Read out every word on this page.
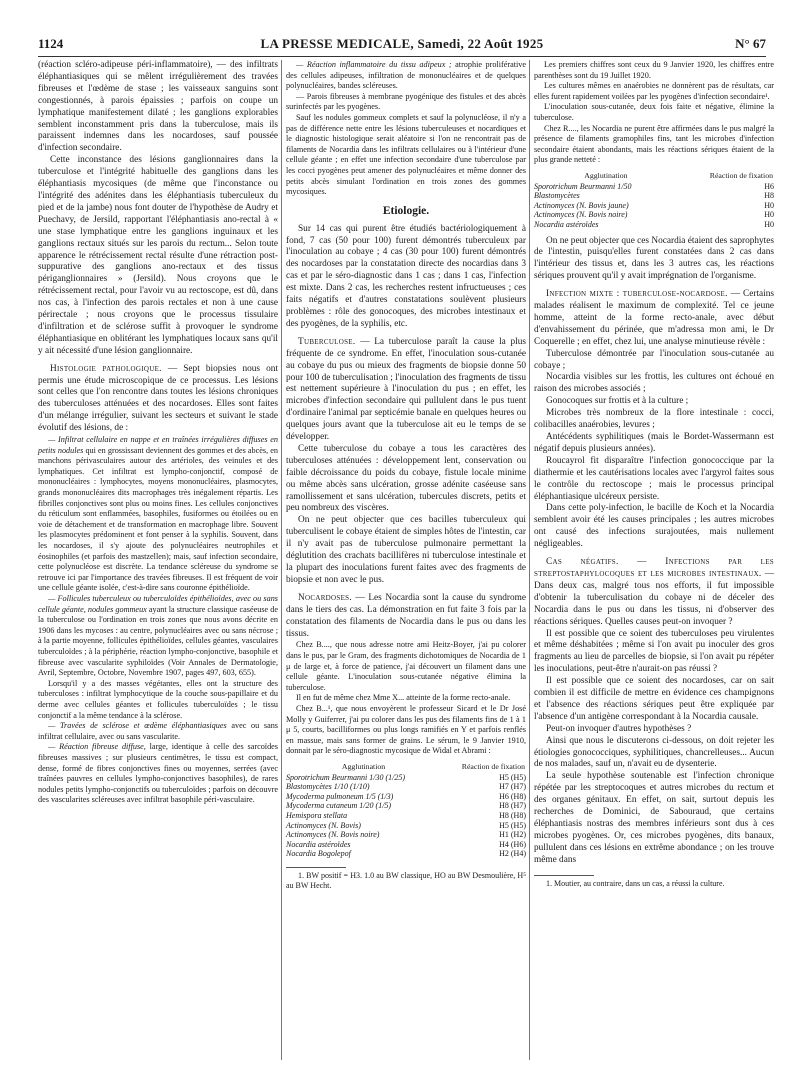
1124	LA PRESSE MEDICALE, Samedi, 22 Août 1925	N° 67

(réaction scléro-adipeuse péri-inflammatoire), — des infiltrats éléphantiasiques qui se mêlent irrégulièrement des travées fibreuses et l'œdème de stase ; les vaisseaux sanguins sont congestionnés, à parois épaissies ; parfois on coupe un lymphatique manifestement dilaté ; les ganglions explorables semblent inconstamment pris dans la tuberculose, mais ils paraissent indemnes dans les nocardoses, sauf poussée d'infection secondaire.

Cette inconstance des lésions ganglionnaires dans la tuberculose et l'intégrité habituelle des ganglions dans les éléphantiasis mycosiques (de même que l'inconstance ou l'intégrité des adénites dans les éléphantiasis tuberculeux du pied et de la jambe) nous font douter de l'hypothèse de Audry et Puechavy, de Jersild, rapportant l'éléphantiasis ano-rectal à « une stase lymphatique entre les ganglions inguinaux et les ganglions rectaux situés sur les parois du rectum... Selon toute apparence le rétrécissement rectal résulte d'une rétraction post-suppurative des ganglions ano-rectaux et des tissus périganglionnaires » (Jersild). Nous croyons que le rétrécissement rectal, pour l'avoir vu au rectoscope, est dû, dans nos cas, à l'infection des parois rectales et non à une cause périrectale ; nous croyons que le processus tissulaire d'infiltration et de sclérose suffit à provoquer le syndrome éléphantiasique en oblitérant les lymphatiques locaux sans qu'il y ait nécessité d'une lésion ganglionnaire.

Histologie pathologique. — Sept biopsies nous ont permis une étude microscopique de ce processus. Les lésions sont celles que l'on rencontre dans toutes les lésions chroniques des tuberculoses atténuées et des nocardoses. Elles sont faites d'un mélange irrégulier, suivant les secteurs et suivant le stade évolutif des lésions, de :

— Infiltrat cellulaire en nappe et en traînées irrégulières diffuses en petits nodules qui en grossissant deviennent des gommes et des abcès, en manchons périvasculaires autour des artérioles, des veinules et des lymphatiques. Cet infiltrat est lympho-conjonctif, composé de mononucléaires : lymphocytes, moyens mononucléaires, plasmocytes, grands mononucléaires dits macrophages très inégalement répartis. Les fibrilles conjonctives sont plus ou moins fines. Les cellules conjonctives du réticulum sont enflammées, basophiles, fusiformes ou étoilées ou en voie de détachement et de transformation en macrophage libre. Souvent les plasmocytes prédominent et font penser à la syphilis. Souvent, dans les nocardoses, il s'y ajoute des polynucléaires neutrophiles et éosinophiles (et parfois des mastzellen); mais, sauf infection secondaire, cette polynucléose est discrète. La tendance scléreuse du syndrome se retrouve ici par l'importance des travées fibreuses. Il est fréquent de voir une cellule géante isolée, c'est-à-dire sans couronne épithélioïde.

— Follicules tuberculeux ou tuberculoïdes épithélioïdes, avec ou sans cellule géante, nodules gommeux ayant la structure classique caséeuse de la tuberculose ou l'ordination en trois zones que nous avons décrite en 1906 dans les mycoses : au centre, polynucléaires avec ou sans nécrose ; à la partie moyenne, follicules épithélioïdes, cellules géantes, vasculaires tuberculoïdes ; à la périphérie, réaction lympho-conjonctive, basophile et fibreuse avec vascularite syphiloïdes (Voir Annales de Dermatologie, Avril, Septembre, Octobre, Novembre 1907, pages 497, 603, 655).

Lorsqu'il y a des masses végétantes, elles ont la structure des tuberculoses : infiltrat lymphocytique de la couche sous-papillaire et du derme avec cellules géantes et follicules tuberculoïdes ; le tissu conjonctif a la même tendance à la sclérose.

— Travées de sclérose et œdème éléphantiasiques avec ou sans infiltrat cellulaire, avec ou sans vascularite.

— Réaction fibreuse diffuse, large, identique à celle des sarcoïdes fibreuses massives ; sur plusieurs centimètres, le tissu est compact, dense, formé de fibres conjonctives fines ou moyennes, serrées (avec traînées pauvres en cellules lympho-conjonctives basophiles), de rares nodules petits lympho-conjonctifs ou tuberculoïdes ; parfois on découvre des vascularites scléreuses avec infiltrat basophile péri-vasculaire.

— Réaction inflammatoire du tissu adipeux ; atrophie proliférative des cellules adipeuses, infiltration de mononucléaires et de quelques polynucléaires, bandes scléreuses.

— Parois fibreuses à membrane pyogénique des fistules et des abcès surinfectés par les pyogènes.

Sauf les nodules gommeux complets et sauf la polynucléose, il n'y a pas de différence nette entre les lésions tuberculeuses et nocardiques et le diagnostic histologique serait aléatoire si l'on ne rencontrait pas de filaments de Nocardia dans les infiltrats cellulaires ou à l'intérieur d'une cellule géante ; en effet une infection secondaire d'une tuberculose par les cocci pyogènes peut amener des polynucléaires et même donner des petits abcès simulant l'ordination en trois zones des gommes mycosiques.

Etiologie.

Sur 14 cas qui purent être étudiés bactériologiquement à fond, 7 cas (50 pour 100) furent démontrés tuberculeux par l'inoculation au cobaye ; 4 cas (30 pour 100) furent démontrés des nocardoses par la constatation directe des nocardias dans 3 cas et par le séro-diagnostic dans 1 cas ; dans 1 cas, l'infection est mixte. Dans 2 cas, les recherches restent infructueuses ; ces faits négatifs et d'autres constatations soulèvent plusieurs problèmes : rôle des gonocoques, des microbes intestinaux et des pyogènes, de la syphilis, etc.

Tuberculose. — La tuberculose paraît la cause la plus fréquente de ce syndrome. En effet, l'inoculation sous-cutanée au cobaye du pus ou mieux des fragments de biopsie donne 50 pour 100 de tuberculisation ; l'inoculation des fragments de tissu est nettement supérieure à l'inoculation du pus ; en effet, les microbes d'infection secondaire qui pullulent dans le pus tuent d'ordinaire l'animal par septicémie banale en quelques heures ou quelques jours avant que la tuberculose ait eu le temps de se développer.

Cette tuberculose du cobaye a tous les caractères des tuberculoses atténuées : développement lent, conservation ou faible décroissance du poids du cobaye, fistule locale minime ou même abcès sans ulcération, grosse adénite caséeuse sans ramollissement et sans ulcération, tubercules discrets, petits et peu nombreux des viscères.

On ne peut objecter que ces bacilles tuberculeux qui tuberculisent le cobaye étaient de simples hôtes de l'intestin, car il n'y avait pas de tuberculose pulmonaire permettant la déglutition des crachats bacillifères ni tuberculose intestinale et la plupart des inoculations furent faites avec des fragments de biopsie et non avec le pus.

Nocardoses. — Les Nocardia sont la cause du syndrome dans le tiers des cas. La démonstration en fut faite 3 fois par la constatation des filaments de Nocardia dans le pus ou dans les tissus.

Chez B...., que nous adresse notre ami Heitz-Boyer, j'ai pu colorer dans le pus, par le Gram, des fragments dichotomiques de Nocardia de 1 μ de large et, à force de patience, j'ai découvert un filament dans une cellule géante. L'inoculation sous-cutanée négative élimina la tuberculose.

Il en fut de même chez Mme X... atteinte de la forme recto-anale.

Chez B...¹, que nous envoyèrent le professeur Sicard et le Dr José Molly y Guiferrer, j'ai pu colorer dans les pus des filaments fins de 1 à 1 μ 5, courts, bacilliformes ou plus longs ramifiés en Y et parfois renflés en massue, mais sans former de grains. Le sérum, le 9 Janvier 1910, donnait par le séro-diagnostic mycosique de Widal et Abrami :

Agglutination	Réaction de fixation
Sporotrichum Beurmanni 1/30 (1/25)	H5 (H5)
Blastomycètes 1/10 (1/10)	H7 (H7)
Mycoderma pulmoneum 1/5 (1/3)	H6 (H8)
Mycoderma cutaneum 1/20 (1/5)	H8 (H7)
Hemispora stellata	H8 (H8)
Actinomyces (N. Bovis)	H5 (H5)
Actinomyces (N. Bovis noire)	H1 (H2)
Nocardia astéroïdes	H4 (H6)
Nocardia Bogolepof	H2 (H4)

1. BW positif = H3. 1.0 au BW classique, HO au BW Desmoulière, H⁵ au BW Hecht.

Les premiers chiffres sont ceux du 9 Janvier 1920, les chiffres entre parenthèses sont du 19 Juillet 1920.

Les cultures mêmes en anaérobies ne donnèrent pas de résultats, car elles furent rapidement voilées par les pyogènes d'infection secondaire¹.

L'inoculation sous-cutanée, deux fois faite et négative, élimine la tuberculose.

Chez R...., les Nocardia ne purent être affirmées dans le pus malgré la présence de filaments gramophiles fins, tant les microbes d'infection secondaire étaient abondants, mais les réactions sériques étaient de la plus grande netteté :

Agglutination	Réaction de fixation
Sporotrichum Beurmanni 1/50	H6
Blastomycètes	H8
Actinomyces (N. Bovis jaune)	H0
Actinomyces (N. Bovis noire)	H0
Nocardia astéroïdes	H0

On ne peut objecter que ces Nocardia étaient des saprophytes de l'intestin, puisqu'elles furent constatées dans 2 cas dans l'intérieur des tissus et, dans les 3 autres cas, les réactions sériques prouvent qu'il y avait imprégnation de l'organisme.

Infection mixte : tuberculose-nocardose. — Certains malades réalisent le maximum de complexité. Tel ce jeune homme, atteint de la forme recto-anale, avec début d'envahissement du périnée, que m'adressa mon ami, le Dr Coquerelle ; en effet, chez lui, une analyse minutieuse révèle :

Tuberculose démontrée par l'inoculation sous-cutanée au cobaye ;

Nocardia visibles sur les frottis, les cultures ont échoué en raison des microbes associés ;

Gonocoques sur frottis et à la culture ;

Microbes très nombreux de la flore intestinale : cocci, colibacilles anaérobies, levures ;

Antécédents syphilitiques (mais le Bordet-Wassermann est négatif depuis plusieurs années).

Roucayrol fit disparaître l'infection gonococcique par la diathermie et les cautérisations locales avec l'argyrol faites sous le contrôle du rectoscope ; mais le processus principal éléphantiasique ulcéreux persiste.

Dans cette poly-infection, le bacille de Koch et la Nocardia semblent avoir été les causes principales ; les autres microbes ont causé des infections surajoutées, mais nullement négligeables.

Cas négatifs. — Infections par les streptostaphylocoques et les microbes intestinaux. — Dans deux cas, malgré tous nos efforts, il fut impossible d'obtenir la tuberculisation du cobaye ni de déceler des Nocardia dans le pus ou dans les tissus, ni d'observer des réactions sériques. Quelles causes peut-on invoquer ?

Il est possible que ce soient des tuberculoses peu virulentes et même déshabitées ; même si l'on avait pu inoculer des gros fragments au lieu de parcelles de biopsie, si l'on avait pu répéter les inoculations, peut-être n'aurait-on pas réussi ?

Il est possible que ce soient des nocardoses, car on sait combien il est difficile de mettre en évidence ces champignons et l'absence des réactions sériques peut être expliquée par l'absence d'un antigène correspondant à la Nocardia causale.

Peut-on invoquer d'autres hypothèses ?

Ainsi que nous le discuterons ci-dessous, on doit rejeter les étiologies gonococciques, syphilitiques, chancrelleuses... Aucun de nos malades, sauf un, n'avait eu de dysenterie.

La seule hypothèse soutenable est l'infection chronique répétée par les streptocoques et autres microbes du rectum et des organes génitaux. En effet, on sait, surtout depuis les recherches de Dominici, de Sabouraud, que certains éléphantiasis nostras des membres inférieurs sont dus à ces microbes pyogènes. Or, ces microbes pyogènes, dits banaux, pullulent dans ces lésions en extrême abondance ; on les trouve même dans

1. Moutier, au contraire, dans un cas, a réussi la culture.
